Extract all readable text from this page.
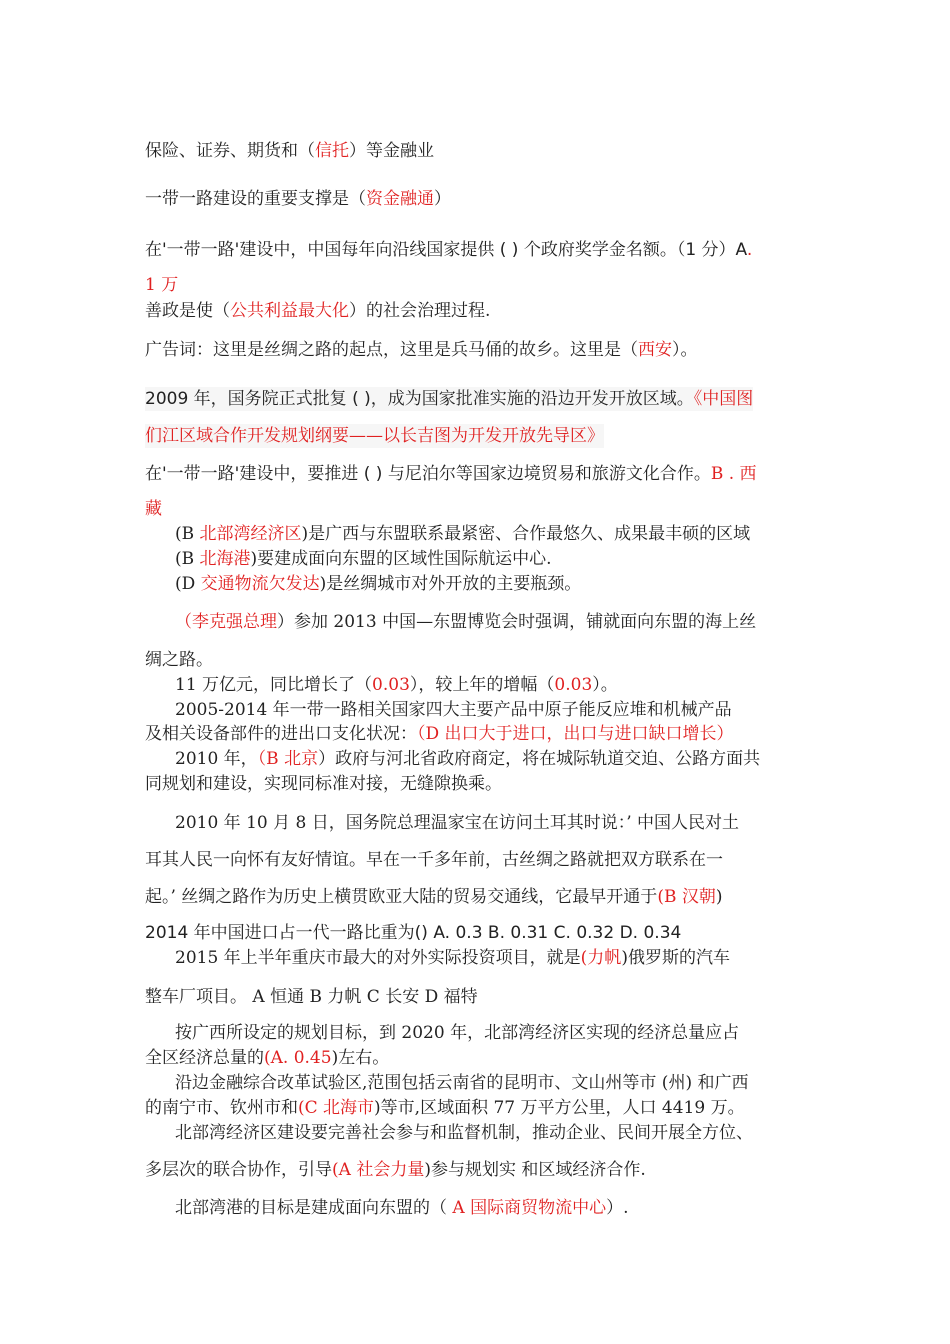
保险、证券、期货和（信托）等金融业
一带一路建设的重要支撑是（资金融通）
在'一带一路'建设中，中国每年向沿线国家提供 ( ) 个政府奖学金名额。（1 分）A.
1 万
善政是使（公共利益最大化）的社会治理过程.
广告词：这里是丝绸之路的起点，这里是兵马俑的故乡。这里是（西安）。
2009 年，国务院正式批复 ( )，成为国家批准实施的沿边开发开放区域。《中国图
们江区域合作开发规划纲要——以长吉图为开发开放先导区》
在'一带一路'建设中，要推进 ( ) 与尼泊尔等国家边境贸易和旅游文化合作。B . 西
藏
(B 北部湾经济区)是广西与东盟联系最紧密、合作最悠久、成果最丰硕的区域
(B 北海港)要建成面向东盟的区域性国际航运中心.
(D 交通物流欠发达)是丝绸城市对外开放的主要瓶颈。
（李克强总理）参加 2013 中国—东盟博览会时强调，铺就面向东盟的海上丝
绸之路。
11 万亿元，同比增长了（0.03），较上年的增幅（0.03）。
2005-2014 年一带一路相关国家四大主要产品中原子能反应堆和机械产品
及相关设备部件的进出口支化状况：（D 出口大于进口，出口与进口缺口增长）
2010 年，（B 北京）政府与河北省政府商定，将在城际轨道交迫、公路方面共
同规划和建设，实现同标准对接，无缝隙换乘。
2010 年 10 月 8 日，国务院总理温家宝在访问土耳其时说：’ 中国人民对土
耳其人民一向怀有友好情谊。早在一千多年前，古丝绸之路就把双方联系在一
起。’ 丝绸之路作为历史上横贯欧亚大陆的贸易交通线，它最早开通于(B 汉朝)
2014 年中国进口占一代一路比重为() A. 0.3 B. 0.31 C. 0.32 D. 0.34
2015 年上半年重庆市最大的对外实际投资项目，就是(力帆)俄罗斯的汽车
整车厂项目。 A 恒通 B 力帆 C 长安 D 福特
按广西所设定的规划目标，到 2020 年，北部湾经济区实现的经济总量应占
全区经济总量的(A. 0.45)左右。
沿边金融综合改革试验区,范围包括云南省的昆明市、文山州等市 (州) 和广西
的南宁市、钦州市和(C 北海市)等市,区域面积 77 万平方公里，人口 4419 万。
北部湾经济区建设要完善社会参与和监督机制，推动企业、民间开展全方位、
多层次的联合协作，引导(A 社会力量)参与规划实 和区域经济合作.
北部湾港的目标是建成面向东盟的（ A 国际商贸物流中心）.
